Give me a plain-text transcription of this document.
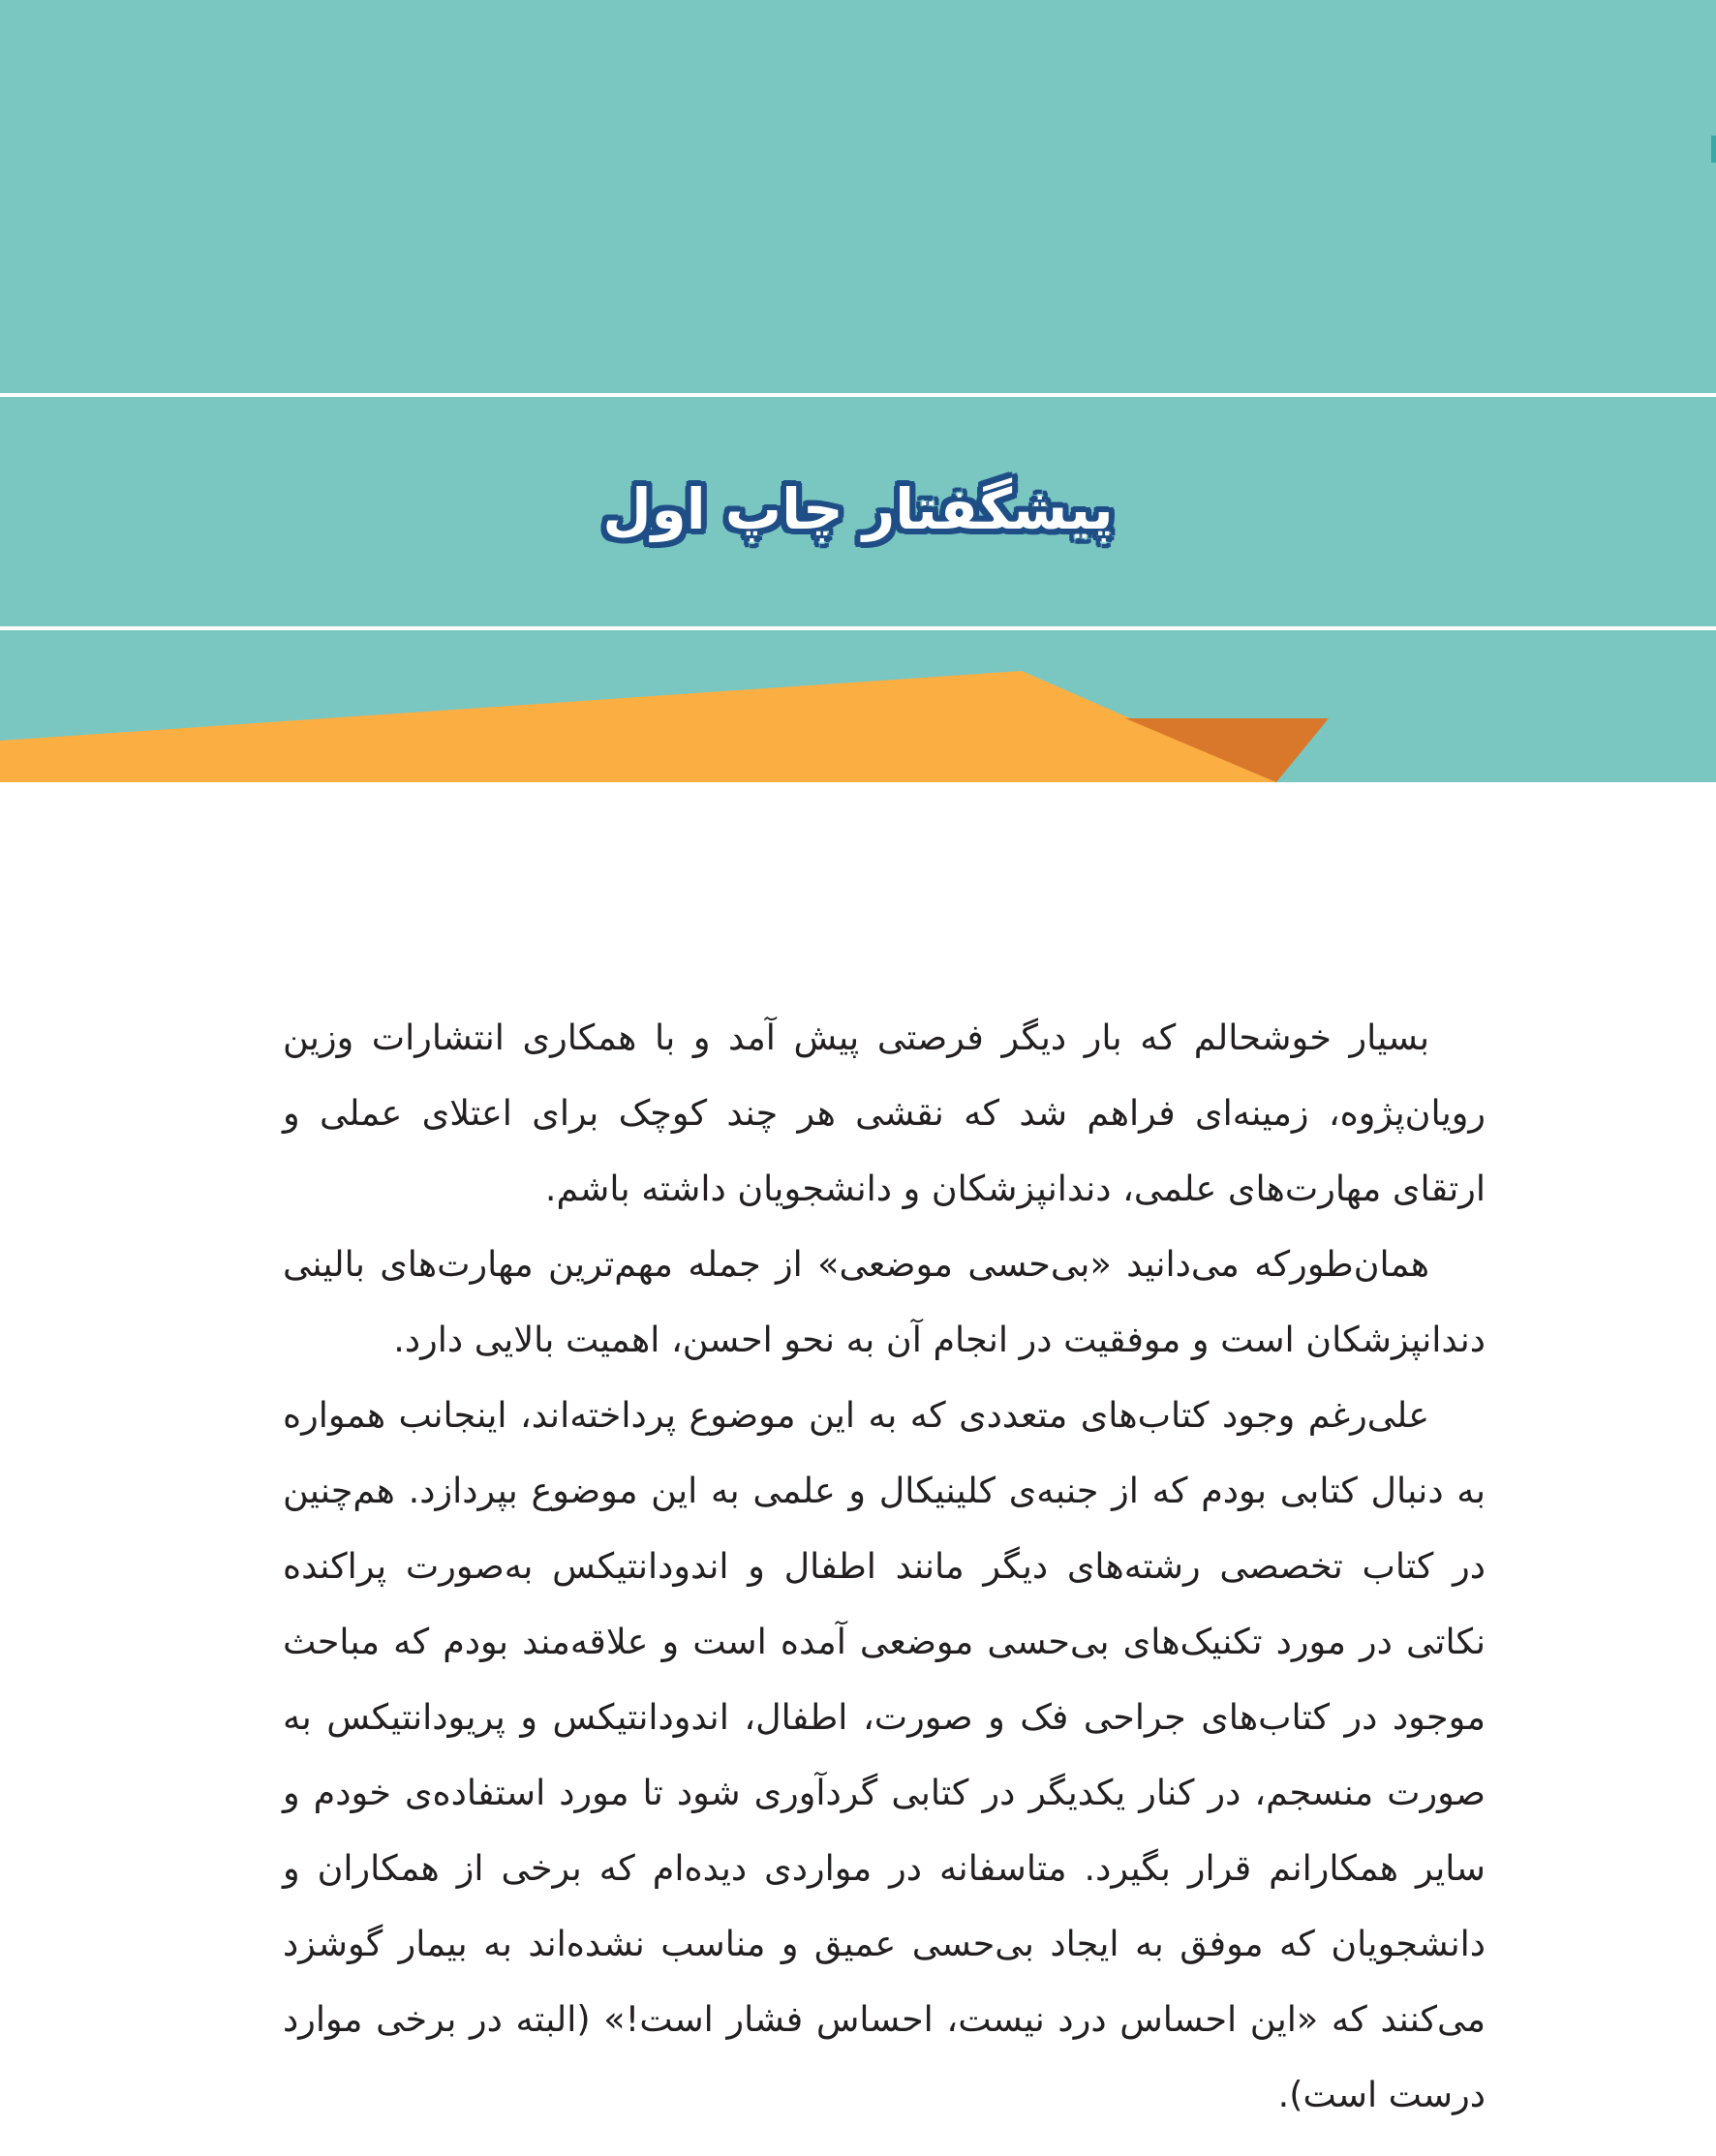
پیشگفتار چاپ اول

بسیار خوشحالم که بار دیگر فرصتی پیش آمد و با همکاری انتشارات وزین رویان‌پژوه، زمینه‌ای فراهم شد که نقشی هر چند کوچک برای اعتلای عملی و ارتقای مهارت‌های علمی، دندانپزشکان و دانشجویان داشته باشم.

همان‌طورکه می‌دانید «بی‌حسی موضعی» از جمله مهم‌ترین مهارت‌های بالینی دندانپزشکان است و موفقیت در انجام آن به نحو احسن، اهمیت بالایی دارد.

علی‌رغم وجود کتاب‌های متعددی که به این موضوع پرداخته‌اند، اینجانب همواره به دنبال کتابی بودم که از جنبه‌ی کلینیکال و علمی به این موضوع بپردازد. هم‌چنین در کتاب تخصصی رشته‌های دیگر مانند اطفال و اندودانتیکس به‌صورت پراکنده نکاتی در مورد تکنیک‌های بی‌حسی موضعی آمده است و علاقه‌مند بودم که مباحث موجود در کتاب‌های جراحی فک و صورت، اطفال، اندودانتیکس و پریودانتیکس به صورت منسجم، در کنار یکدیگر در کتابی گردآوری شود تا مورد استفاده‌ی خودم و سایر همکارانم قرار بگیرد. متاسفانه در مواردی دیده‌ام که برخی از همکاران و دانشجویان که موفق به ایجاد بی‌حسی عمیق و مناسب نشده‌اند به بیمار گوشزد می‌کنند که «این احساس درد نیست، احساس فشار است!» (البته در برخی موارد درست است).
